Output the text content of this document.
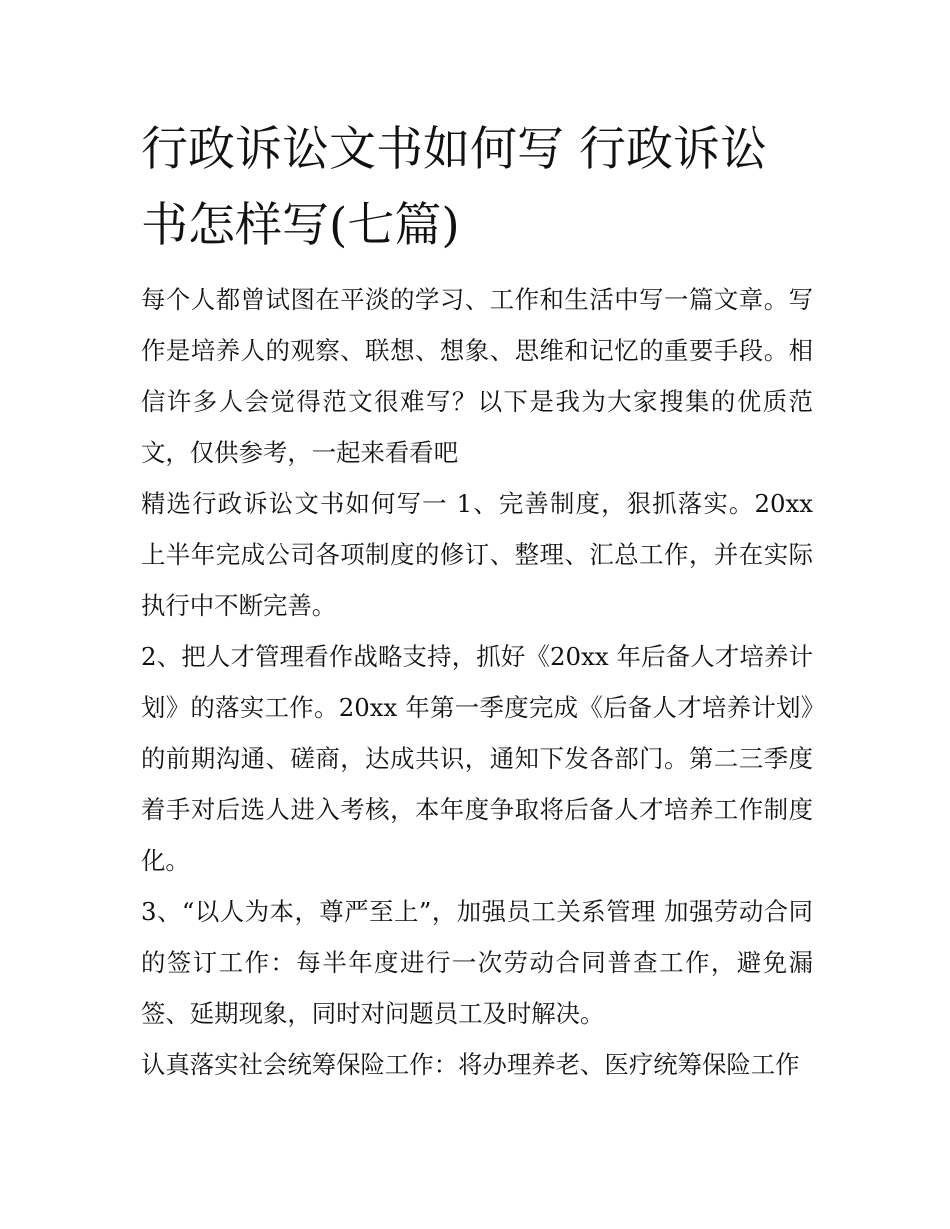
行政诉讼文书如何写 行政诉讼书怎样写(七篇)

每个人都曾试图在平淡的学习、工作和生活中写一篇文章。写作是培养人的观察、联想、想象、思维和记忆的重要手段。相信许多人会觉得范文很难写？以下是我为大家搜集的优质范文，仅供参考，一起来看看吧

精选行政诉讼文书如何写一 1、完善制度，狠抓落实。20xx 上半年完成公司各项制度的修订、整理、汇总工作，并在实际执行中不断完善。

2、把人才管理看作战略支持，抓好《20xx 年后备人才培养计划》的落实工作。20xx 年第一季度完成《后备人才培养计划》的前期沟通、磋商，达成共识，通知下发各部门。第二三季度着手对后选人进入考核，本年度争取将后备人才培养工作制度化。

3、“以人为本，尊严至上”，加强员工关系管理 加强劳动合同的签订工作：每半年度进行一次劳动合同普查工作，避免漏签、延期现象，同时对问题员工及时解决。

认真落实社会统筹保险工作：将办理养老、医疗统筹保险工作
